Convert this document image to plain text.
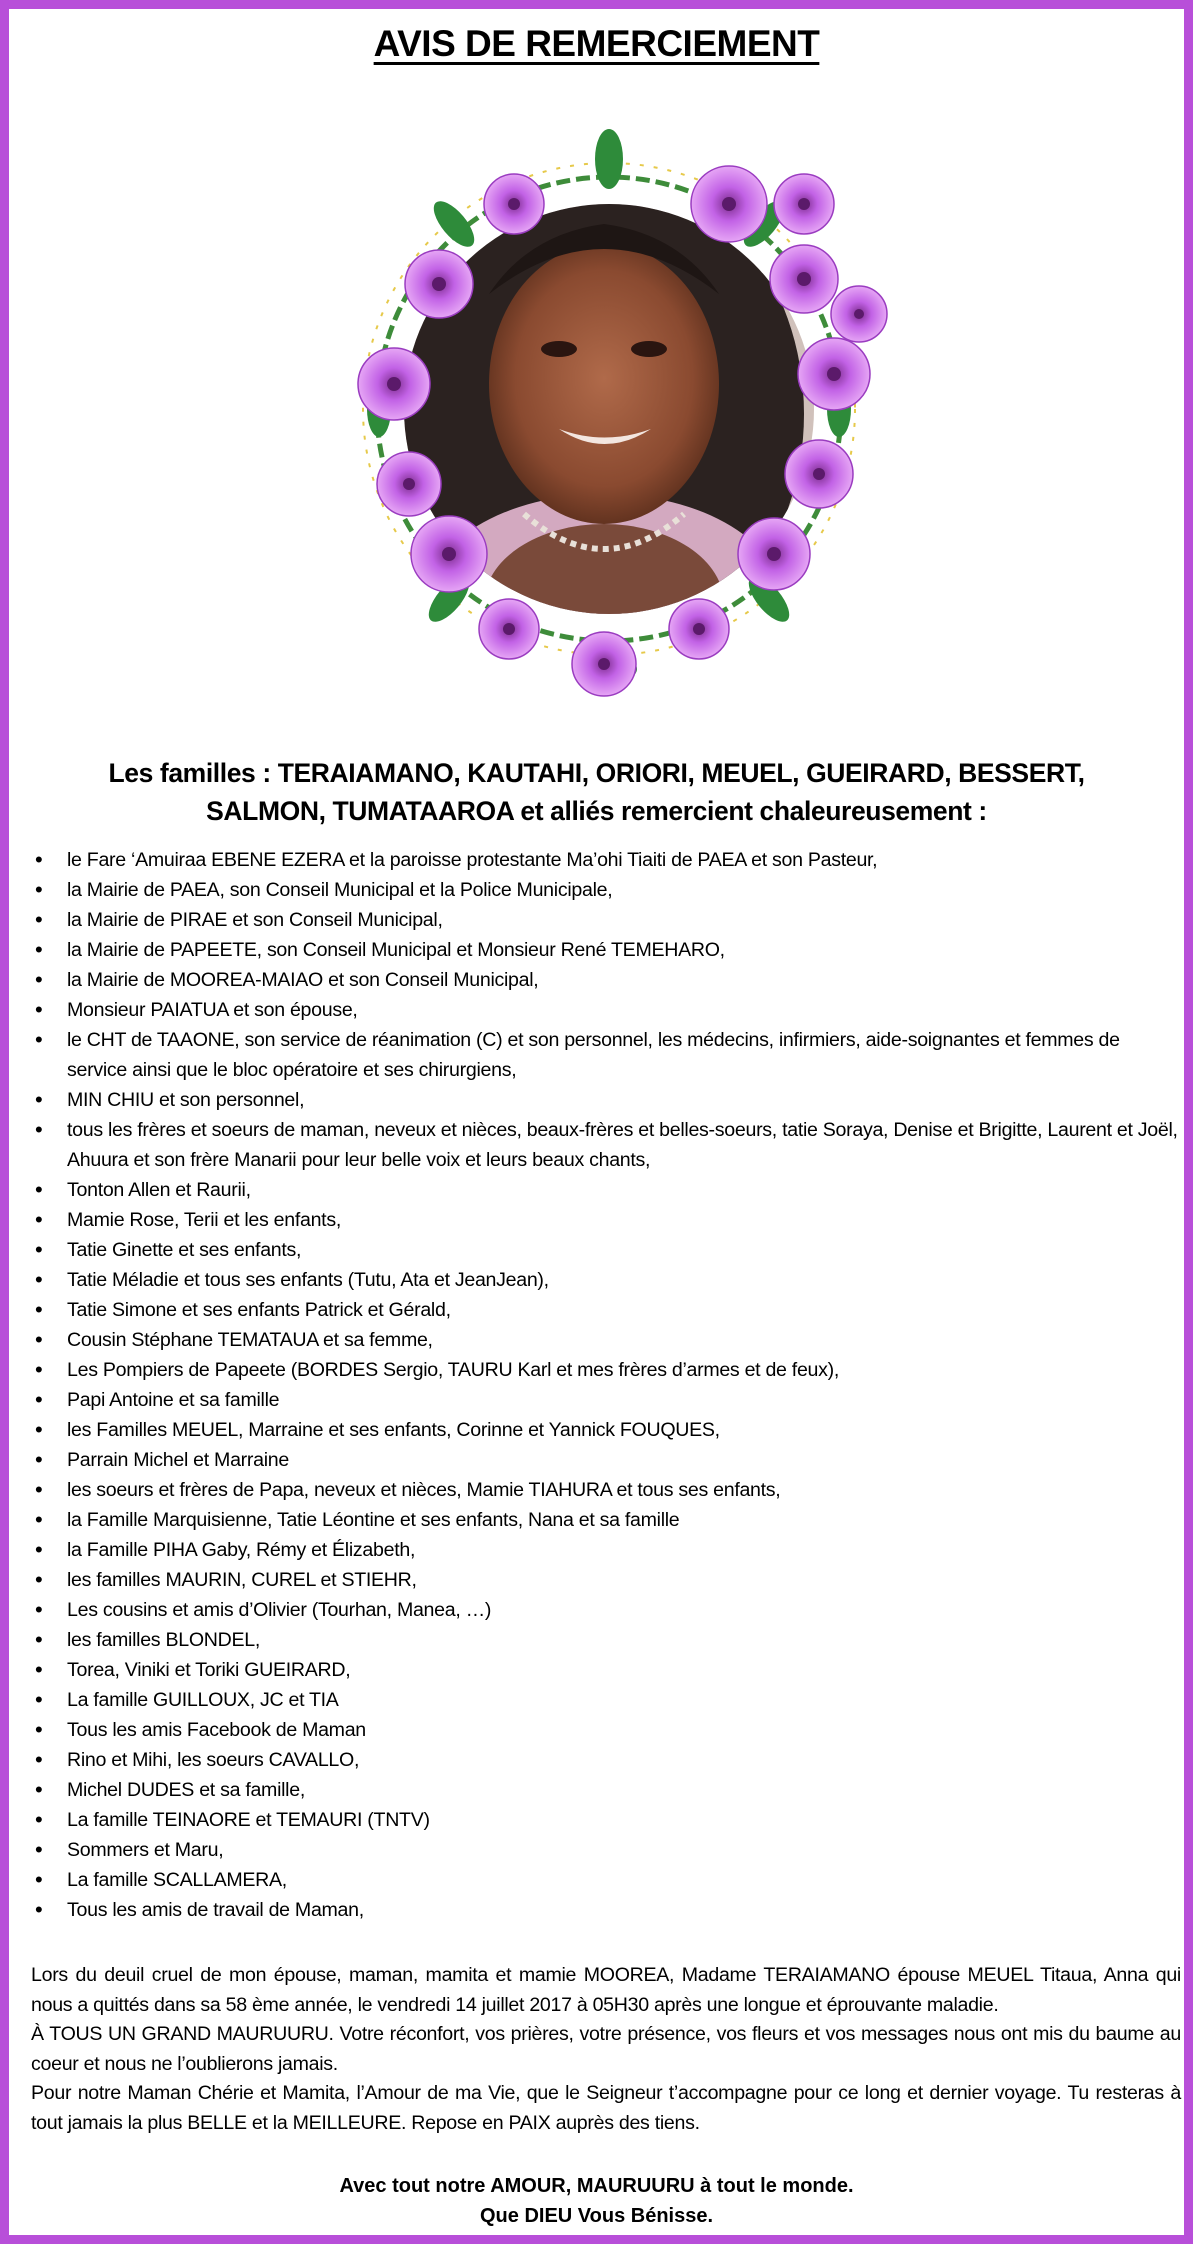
AVIS DE REMERCIEMENT
Les familles : TERAIAMANO, KAUTAHI, ORIORI, MEUEL, GUEIRARD, BESSERT, SALMON, TUMATAAROA et alliés remercient chaleureusement :
• le Fare ‘Amuiraa EBENE EZERA et la paroisse protestante Ma’ohi Tiaiti de PAEA et son Pasteur,
• la Mairie de PAEA, son Conseil Municipal et la Police Municipale,
• la Mairie de PIRAE et son Conseil Municipal,
• la Mairie de PAPEETE, son Conseil Municipal et Monsieur René TEMEHARO,
• la Mairie de MOOREA-MAIAO et son Conseil Municipal,
• Monsieur PAIATUA et son épouse,
• le CHT de TAAONE, son service de réanimation (C) et son personnel, les médecins, infirmiers, aide-soignantes et femmes de service ainsi que le bloc opératoire et ses chirurgiens,
• MIN CHIU et son personnel,
• tous les frères et soeurs de maman, neveux et nièces, beaux-frères et belles-soeurs, tatie Soraya, Denise et Brigitte, Laurent et Joël, Ahuura et son frère Manarii pour leur belle voix et leurs beaux chants,
• Tonton Allen et Raurii,
• Mamie Rose, Terii et les enfants,
• Tatie Ginette et ses enfants,
• Tatie Méladie et tous ses enfants (Tutu, Ata et JeanJean),
• Tatie Simone et ses enfants Patrick et Gérald,
• Cousin Stéphane TEMATAUA et sa femme,
• Les Pompiers de Papeete (BORDES Sergio, TAURU Karl et mes frères d’armes et de feux),
• Papi Antoine et sa famille
• les Familles MEUEL, Marraine et ses enfants, Corinne et Yannick FOUQUES,
• Parrain Michel et Marraine
• les soeurs et frères de Papa, neveux et nièces, Mamie TIAHURA et tous ses enfants,
• la Famille Marquisienne, Tatie Léontine et ses enfants, Nana et sa famille
• la Famille PIHA Gaby, Rémy et Élizabeth,
• les familles MAURIN, CUREL et STIEHR,
• Les cousins et amis d’Olivier (Tourhan, Manea, …)
• les familles BLONDEL,
• Torea, Viniki et Toriki GUEIRARD,
• La famille GUILLOUX, JC et TIA
• Tous les amis Facebook de Maman
• Rino et Mihi, les soeurs CAVALLO,
• Michel DUDES et sa famille,
• La famille TEINAORE et TEMAURI (TNTV)
• Sommers et Maru,
• La famille SCALLAMERA,
• Tous les amis de travail de Maman,

Lors du deuil cruel de mon épouse, maman, mamita et mamie MOOREA, Madame TERAIAMANO épouse MEUEL Titaua, Anna qui nous a quittés dans sa 58 ème année, le vendredi 14 juillet 2017 à 05H30 après une longue et éprouvante maladie.

À TOUS UN GRAND MAURUURU. Votre réconfort, vos prières, votre présence, vos fleurs et vos messages nous ont mis du baume au coeur et nous ne l’oublierons jamais.

Pour notre Maman Chérie et Mamita, l’Amour de ma Vie, que le Seigneur t’accompagne pour ce long et dernier voyage. Tu resteras à tout jamais la plus BELLE et la MEILLEURE. Repose en PAIX auprès des tiens.

Avec tout notre AMOUR, MAURUURU à tout le monde.
Que DIEU Vous Bénisse.
